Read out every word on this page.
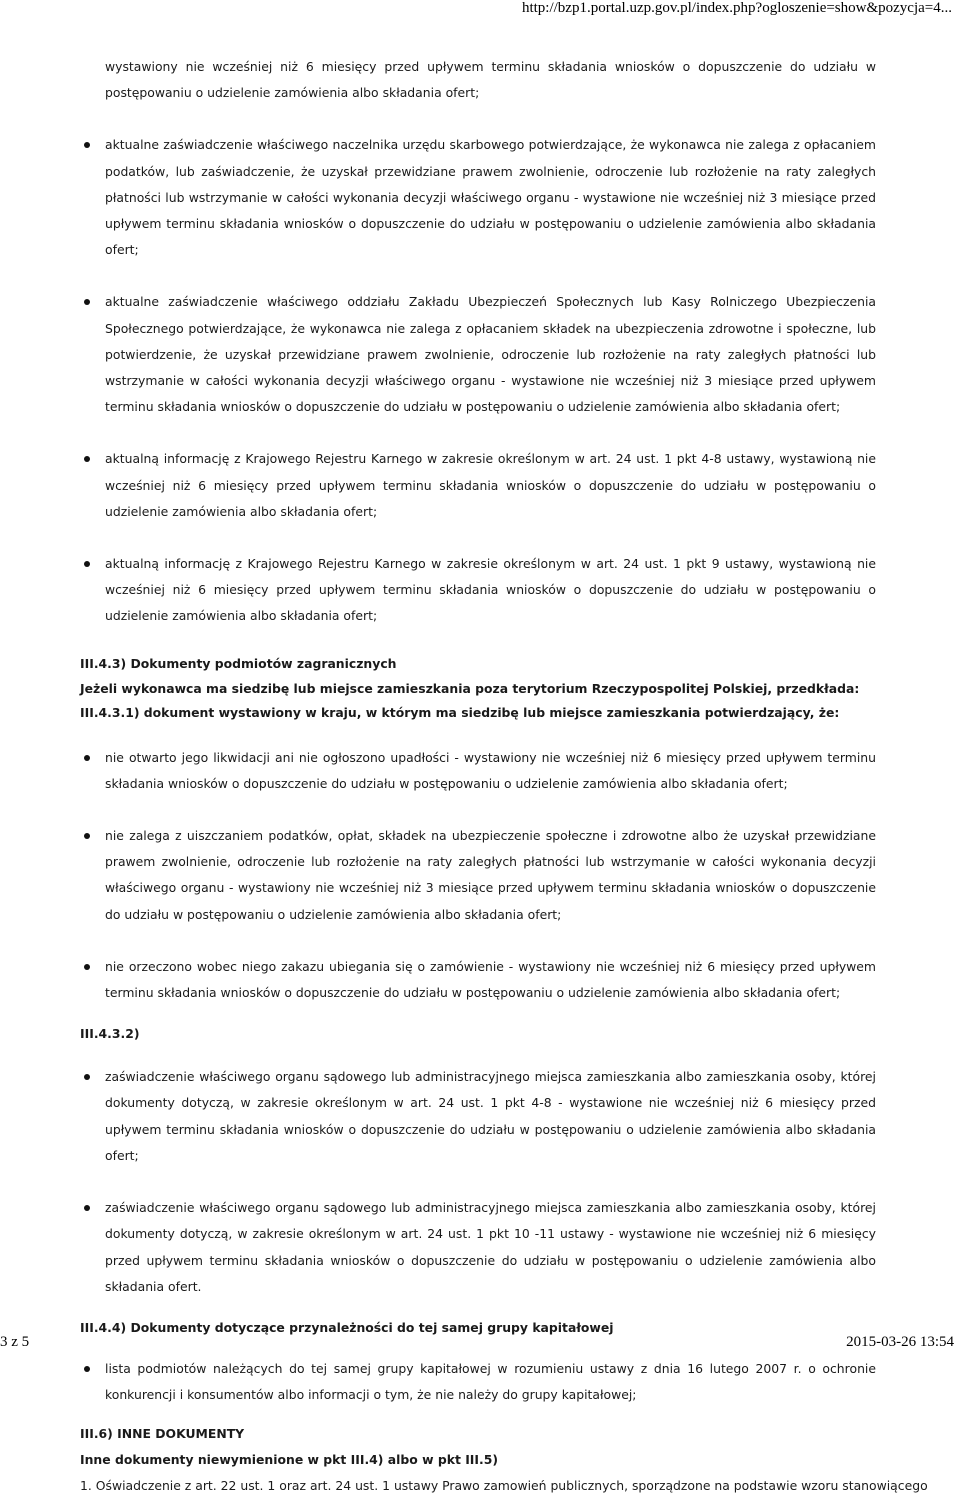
http://bzp1.portal.uzp.gov.pl/index.php?ogloszenie=show&pozycja=4...
wystawiony nie wcześniej niż 6 miesięcy przed upływem terminu składania wniosków o dopuszczenie do udziału w postępowaniu o udzielenie zamówienia albo składania ofert;
aktualne zaświadczenie właściwego naczelnika urzędu skarbowego potwierdzające, że wykonawca nie zalega z opłacaniem podatków, lub zaświadczenie, że uzyskał przewidziane prawem zwolnienie, odroczenie lub rozłożenie na raty zaległych płatności lub wstrzymanie w całości wykonania decyzji właściwego organu - wystawione nie wcześniej niż 3 miesiące przed upływem terminu składania wniosków o dopuszczenie do udziału w postępowaniu o udzielenie zamówienia albo składania ofert;
aktualne zaświadczenie właściwego oddziału Zakładu Ubezpieczeń Społecznych lub Kasy Rolniczego Ubezpieczenia Społecznego potwierdzające, że wykonawca nie zalega z opłacaniem składek na ubezpieczenia zdrowotne i społeczne, lub potwierdzenie, że uzyskał przewidziane prawem zwolnienie, odroczenie lub rozłożenie na raty zaległych płatności lub wstrzymanie w całości wykonania decyzji właściwego organu - wystawione nie wcześniej niż 3 miesiące przed upływem terminu składania wniosków o dopuszczenie do udziału w postępowaniu o udzielenie zamówienia albo składania ofert;
aktualną informację z Krajowego Rejestru Karnego w zakresie określonym w art. 24 ust. 1 pkt 4-8 ustawy, wystawioną nie wcześniej niż 6 miesięcy przed upływem terminu składania wniosków o dopuszczenie do udziału w postępowaniu o udzielenie zamówienia albo składania ofert;
aktualną informację z Krajowego Rejestru Karnego w zakresie określonym w art. 24 ust. 1 pkt 9 ustawy, wystawioną nie wcześniej niż 6 miesięcy przed upływem terminu składania wniosków o dopuszczenie do udziału w postępowaniu o udzielenie zamówienia albo składania ofert;

III.4.3) Dokumenty podmiotów zagranicznych

Jeżeli wykonawca ma siedzibę lub miejsce zamieszkania poza terytorium Rzeczypospolitej Polskiej, przedkłada:

III.4.3.1) dokument wystawiony w kraju, w którym ma siedzibę lub miejsce zamieszkania potwierdzający, że:

nie otwarto jego likwidacji ani nie ogłoszono upadłości - wystawiony nie wcześniej niż 6 miesięcy przed upływem terminu składania wniosków o dopuszczenie do udziału w postępowaniu o udzielenie zamówienia albo składania ofert;
nie zalega z uiszczaniem podatków, opłat, składek na ubezpieczenie społeczne i zdrowotne albo że uzyskał przewidziane prawem zwolnienie, odroczenie lub rozłożenie na raty zaległych płatności lub wstrzymanie w całości wykonania decyzji właściwego organu - wystawiony nie wcześniej niż 3 miesiące przed upływem terminu składania wniosków o dopuszczenie do udziału w postępowaniu o udzielenie zamówienia albo składania ofert;
nie orzeczono wobec niego zakazu ubiegania się o zamówienie - wystawiony nie wcześniej niż 6 miesięcy przed upływem terminu składania wniosków o dopuszczenie do udziału w postępowaniu o udzielenie zamówienia albo składania ofert;

III.4.3.2)

zaświadczenie właściwego organu sądowego lub administracyjnego miejsca zamieszkania albo zamieszkania osoby, której dokumenty dotyczą, w zakresie określonym w art. 24 ust. 1 pkt 4-8 - wystawione nie wcześniej niż 6 miesięcy przed upływem terminu składania wniosków o dopuszczenie do udziału w postępowaniu o udzielenie zamówienia albo składania ofert;
zaświadczenie właściwego organu sądowego lub administracyjnego miejsca zamieszkania albo zamieszkania osoby, której dokumenty dotyczą, w zakresie określonym w art. 24 ust. 1 pkt 10 -11 ustawy - wystawione nie wcześniej niż 6 miesięcy przed upływem terminu składania wniosków o dopuszczenie do udziału w postępowaniu o udzielenie zamówienia albo składania ofert.

III.4.4) Dokumenty dotyczące przynależności do tej samej grupy kapitałowej

lista podmiotów należących do tej samej grupy kapitałowej w rozumieniu ustawy z dnia 16 lutego 2007 r. o ochronie konkurencji i konsumentów albo informacji o tym, że nie należy do grupy kapitałowej;

III.6) INNE DOKUMENTY

Inne dokumenty niewymienione w pkt III.4) albo w pkt III.5)

1. Oświadczenie z art. 22 ust. 1 oraz art. 24 ust. 1 ustawy Prawo zamowień publicznych, sporządzone na podstawie wzoru stanowiącego

3 z 5	2015-03-26 13:54
